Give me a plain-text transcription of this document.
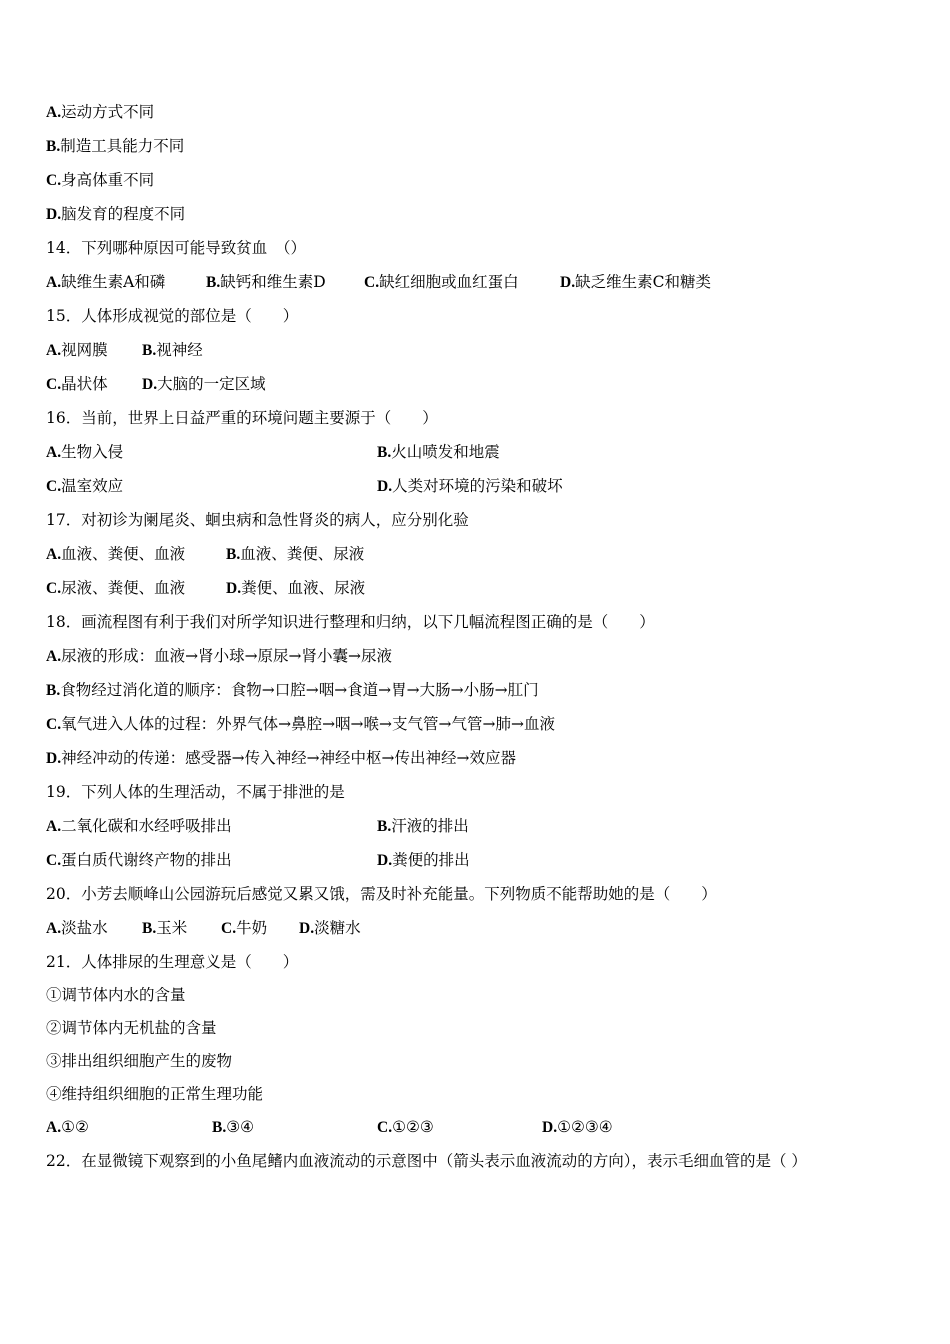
A.运动方式不同
B.制造工具能力不同
C.身高体重不同
D.脑发育的程度不同
14．下列哪种原因可能导致贫血　（）
A.缺维生素A和磷	B.缺钙和维生素D C.缺红细胞或血红蛋白	D.缺乏维生素C和糖类
15．人体形成视觉的部位是（　　）
A.视网膜 B.视神经
C.晶状体 D.大脑的一定区域
16．当前，世界上日益严重的环境问题主要源于（　　）
A.生物入侵	B.火山喷发和地震
C.温室效应	D.人类对环境的污染和破坏
17．对初诊为阑尾炎、蛔虫病和急性肾炎的病人，应分别化验
A.血液、粪便、血液	B.血液、粪便、尿液
C.尿液、粪便、血液	D.粪便、血液、尿液
18．画流程图有利于我们对所学知识进行整理和归纳，以下几幅流程图正确的是（　　）
A.尿液的形成：血液→肾小球→原尿→肾小囊→尿液
B.食物经过消化道的顺序：食物→口腔→咽→食道→胃→大肠→小肠→肛门
C.氧气进入人体的过程：外界气体→鼻腔→咽→喉→支气管→气管→肺→血液
D.神经冲动的传递：感受器→传入神经→神经中枢→传出神经→效应器
19．下列人体的生理活动，不属于排泄的是
A.二氧化碳和水经呼吸排出	B.汗液的排出
C.蛋白质代谢终产物的排出	D.粪便的排出
20．小芳去顺峰山公园游玩后感觉又累又饿，需及时补充能量。下列物质不能帮助她的是（　　）
A.淡盐水 B.玉米 C.牛奶 D.淡糖水
21．人体排尿的生理意义是（　　）
①调节体内水的含量
②调节体内无机盐的含量
③排出组织细胞产生的废物
④维持组织细胞的正常生理功能
A.①②	B.③④	C.①②③	D.①②③④
22．在显微镜下观察到的小鱼尾鳍内血液流动的示意图中（箭头表示血液流动的方向），表示毛细血管的是（ ）
